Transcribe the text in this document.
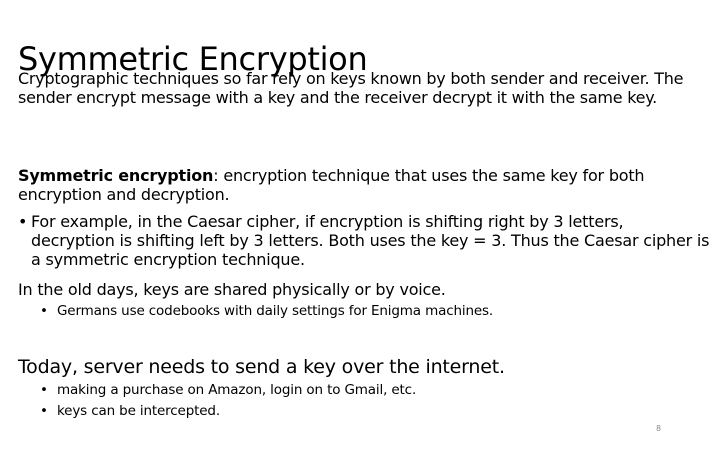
Symmetric Encryption

Cryptographic techniques so far rely on keys known by both sender and receiver. The sender encrypt message with a key and the receiver decrypt it with the same key.

Symmetric encryption: encryption technique that uses the same key for both encryption and decryption.

• For example, in the Caesar cipher, if encryption is shifting right by 3 letters, decryption is shifting left by 3 letters. Both uses the key = 3. Thus the Caesar cipher is a symmetric encryption technique.

In the old days, keys are shared physically or by voice.

• Germans use codebooks with daily settings for Enigma machines.
Today, server needs to send a key over the internet.
• making a purchase on Amazon, login on to Gmail, etc.
• keys can be intercepted.
8
